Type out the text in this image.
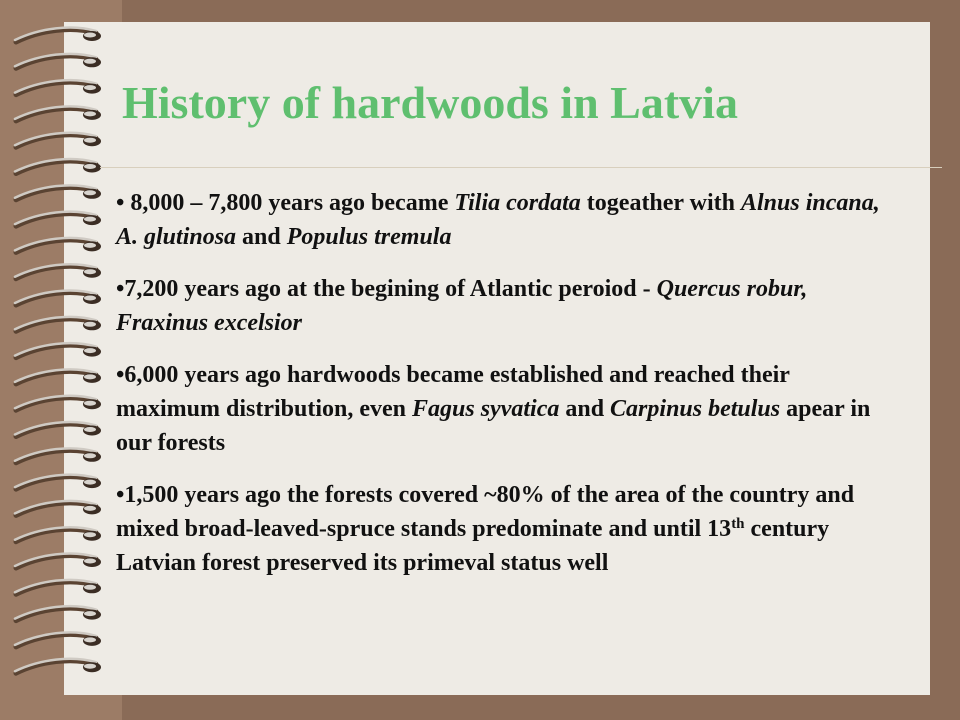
History of hardwoods in Latvia

• 8,000 – 7,800 years ago became Tilia cordata togeather with Alnus incana, A. glutinosa and Populus tremula

•7,200 years ago at the begining of Atlantic peroiod - Quercus robur, Fraxinus excelsior

•6,000 years ago hardwoods became established and reached their maximum distribution, even Fagus syvatica and Carpinus betulus apear in our forests

•1,500 years ago the forests covered ~80% of the area of the country and mixed broad-leaved-spruce stands predominate and until 13th century Latvian forest preserved its primeval status well
